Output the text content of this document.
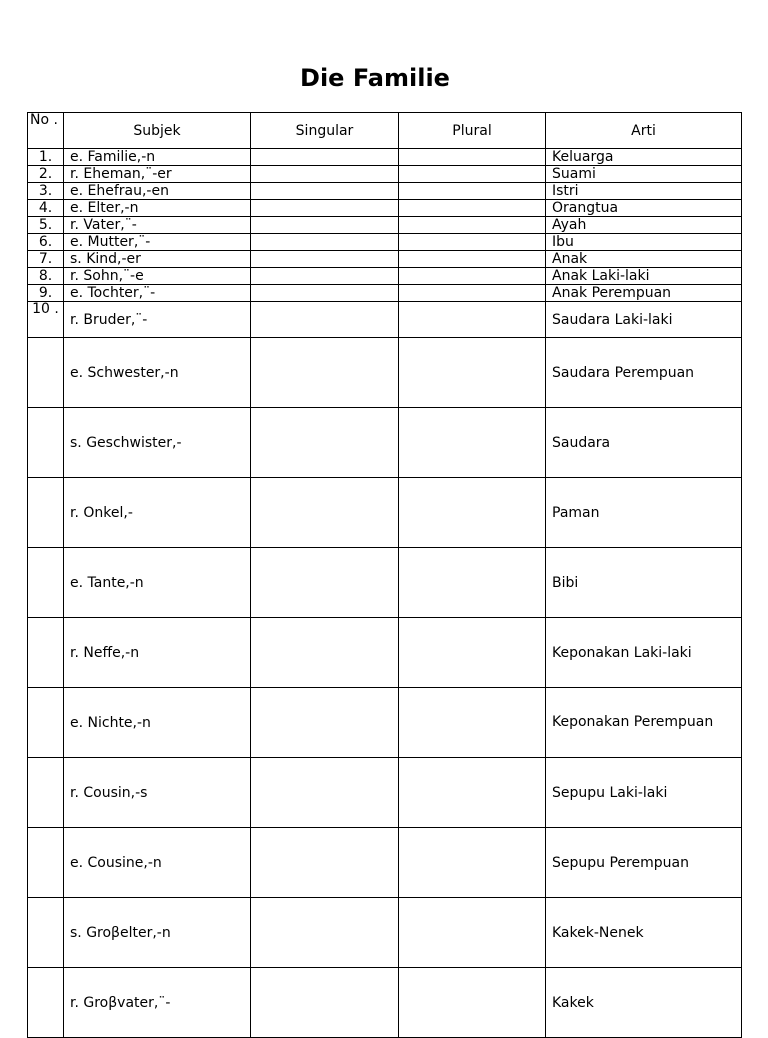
Die Familie
No .	Subjek	Singular	Plural	Arti
1.	e. Familie,-n			Keluarga
2.	r. Eheman,¨-er			Suami
3.	e. Ehefrau,-en			Istri
4.	e. Elter,-n			Orangtua
5.	r. Vater,¨-			Ayah
6.	e. Mutter,¨-			Ibu
7.	s. Kind,-er			Anak
8.	r. Sohn,¨-e			Anak Laki-laki
9.	e. Tochter,¨-			Anak Perempuan
10 .	r. Bruder,¨-			Saudara Laki-laki
	e. Schwester,-n			Saudara Perempuan
	s. Geschwister,-			Saudara
	r. Onkel,-			Paman
	e. Tante,-n			Bibi
	r. Neffe,-n			Keponakan Laki-laki
	e. Nichte,-n			Keponakan Perempuan
	r. Cousin,-s			Sepupu Laki-laki
	e. Cousine,-n			Sepupu Perempuan
	s. Groβelter,-n			Kakek-Nenek
	r. Groβvater,¨-			Kakek
